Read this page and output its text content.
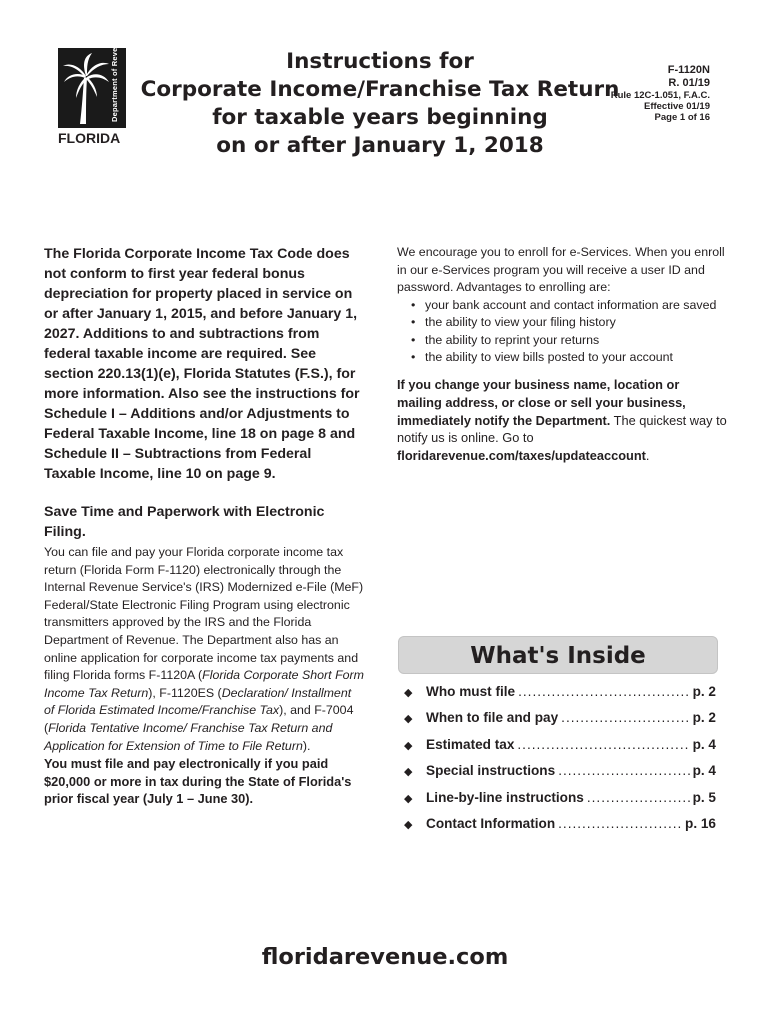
Department of Revenue
FLORIDA
Instructions for
Corporate Income/Franchise Tax Return
for taxable years beginning
on or after January 1, 2018
F-1120N
R. 01/19
Rule 12C-1.051, F.A.C.
Effective 01/19
Page 1 of 16

The Florida Corporate Income Tax Code does not conform to first year federal bonus depreciation for property placed in service on or after January 1, 2015, and before January 1, 2027. Additions to and subtractions from federal taxable income are required. See section 220.13(1)(e), Florida Statutes (F.S.), for more information. Also see the instructions for Schedule I – Additions and/or Adjustments to Federal Taxable Income, line 18 on page 8 and Schedule II – Subtractions from Federal Taxable Income, line 10 on page 9.

Save Time and Paperwork with Electronic Filing.

You can file and pay your Florida corporate income tax return (Florida Form F-1120) electronically through the Internal Revenue Service's (IRS) Modernized e-File (MeF) Federal/State Electronic Filing Program using electronic transmitters approved by the IRS and the Florida Department of Revenue. The Department also has an online application for corporate income tax payments and filing Florida forms F-1120A (Florida Corporate Short Form Income Tax Return), F-1120ES (Declaration/ Installment of Florida Estimated Income/Franchise Tax), and F-7004 (Florida Tentative Income/ Franchise Tax Return and Application for Extension of Time to File Return).

You must file and pay electronically if you paid $20,000 or more in tax during the State of Florida's prior fiscal year (July 1 – June 30).

We encourage you to enroll for e-Services. When you enroll in our e-Services program you will receive a user ID and password. Advantages to enrolling are:

• your bank account and contact information are saved
• the ability to view your filing history
• the ability to reprint your returns
• the ability to view bills posted to your account

If you change your business name, location or mailing address, or close or sell your business, immediately notify the Department. The quickest way to notify us is online. Go to floridarevenue.com/taxes/updateaccount.

What's Inside
◆ Who must file .....	p. 2
◆ When to file and pay .....	p. 2
◆ Estimated tax .....	p. 4
◆ Special instructions .....	p. 4
◆ Line-by-line instructions .....	p. 5
◆ Contact Information .....	p. 16
floridarevenue.com
